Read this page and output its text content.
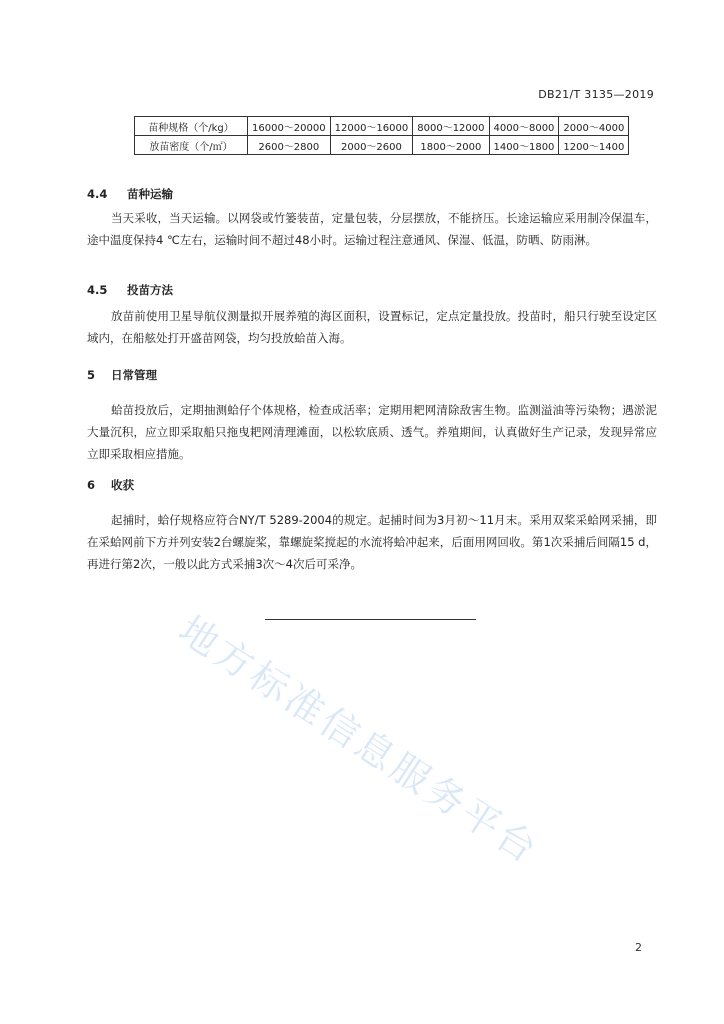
DB21/T 3135—2019
苗种规格（个/kg）	16000～20000	12000～16000	8000～12000	4000～8000	2000～4000
放苗密度（个/㎡）	2600～2800	2000～2600	1800～2000	1400～1800	1200～1400
4.4 苗种运输

当天采收，当天运输。以网袋或竹篓装苗，定量包装，分层摆放，不能挤压。长途运输应采用制冷保温车，途中温度保持4 ℃左右，运输时间不超过48小时。运输过程注意通风、保湿、低温，防晒、防雨淋。

4.5 投苗方法

放苗前使用卫星导航仪测量拟开展养殖的海区面积，设置标记，定点定量投放。投苗时，船只行驶至设定区域内，在船舷处打开盛苗网袋，均匀投放蛤苗入海。

5 日常管理

蛤苗投放后，定期抽测蛤仔个体规格，检查成活率；定期用耙网清除敌害生物。监测溢油等污染物；遇淤泥大量沉积，应立即采取船只拖曳耙网清理滩面，以松软底质、透气。养殖期间，认真做好生产记录，发现异常应立即采取相应措施。

6 收获

起捕时，蛤仔规格应符合NY/T 5289-2004的规定。起捕时间为3月初～11月末。采用双桨采蛤网采捕，即在采蛤网前下方并列安装2台螺旋桨，靠螺旋桨搅起的水流将蛤冲起来，后面用网回收。第1次采捕后间隔15 d，再进行第2次，一般以此方式采捕3次～4次后可采净。

地方标准信息服务平台
2
